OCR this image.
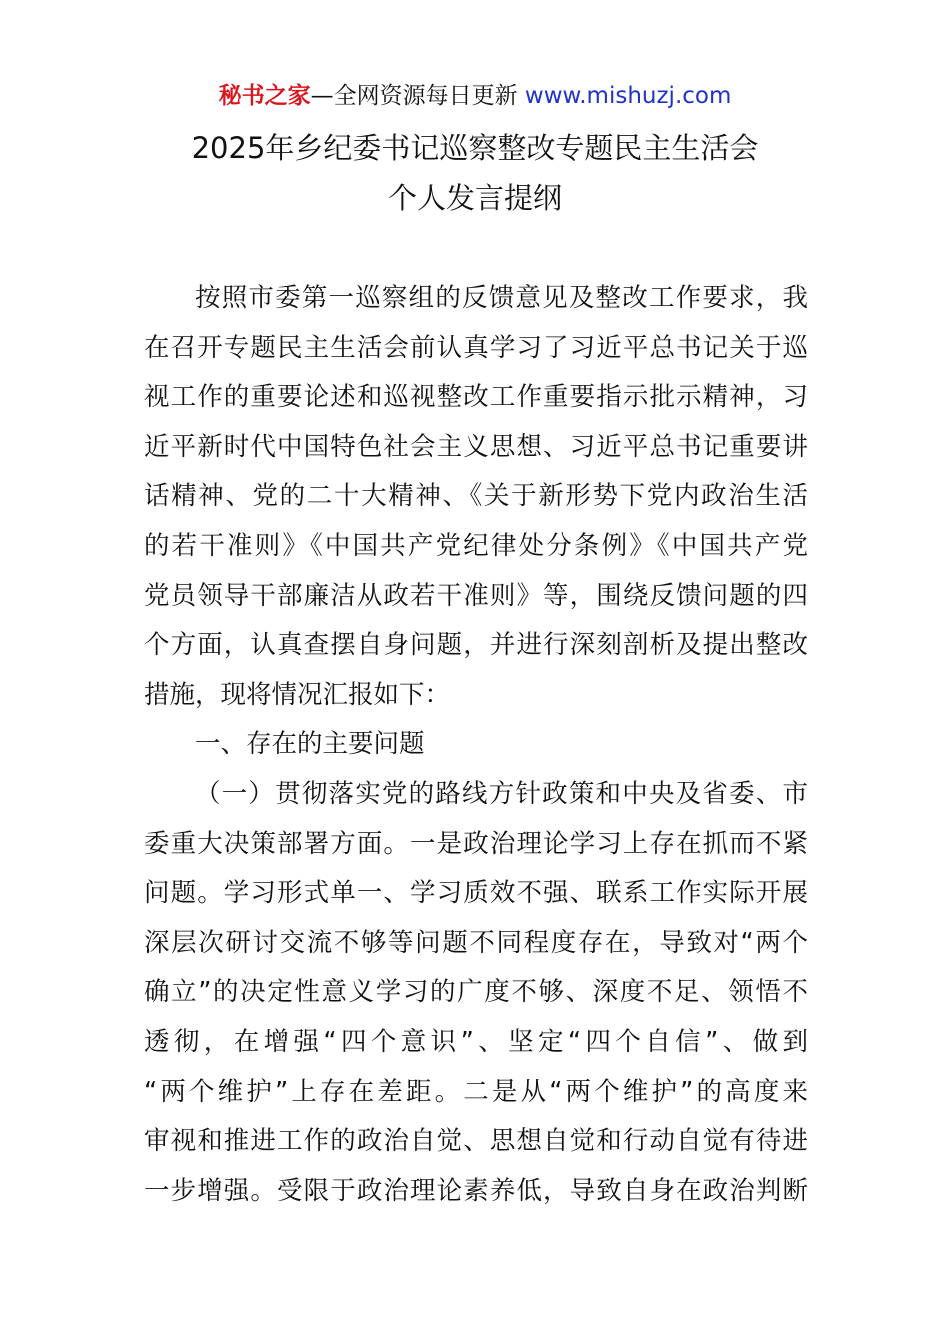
秘书之家—全网资源每日更新 www.mishuzj.com
2025年乡纪委书记巡察整改专题民主生活会
个人发言提纲
按照市委第一巡察组的反馈意见及整改工作要求，我
在召开专题民主生活会前认真学习了习近平总书记关于巡
视工作的重要论述和巡视整改工作重要指示批示精神，习
近平新时代中国特色社会主义思想、习近平总书记重要讲
话精神、党的二十大精神、《关于新形势下党内政治生活
的若干准则》《中国共产党纪律处分条例》《中国共产党
党员领导干部廉洁从政若干准则》等，围绕反馈问题的四
个方面，认真查摆自身问题，并进行深刻剖析及提出整改
措施，现将情况汇报如下：
一、存在的主要问题
（一）贯彻落实党的路线方针政策和中央及省委、市
委重大决策部署方面。一是政治理论学习上存在抓而不紧
问题。学习形式单一、学习质效不强、联系工作实际开展
深层次研讨交流不够等问题不同程度存在，导致对“两个
确立”的决定性意义学习的广度不够、深度不足、领悟不
透彻，在增强“四个意识”、坚定“四个自信”、做到
“两个维护”上存在差距。二是从“两个维护”的高度来
审视和推进工作的政治自觉、思想自觉和行动自觉有待进
一步增强。受限于政治理论素养低，导致自身在政治判断
